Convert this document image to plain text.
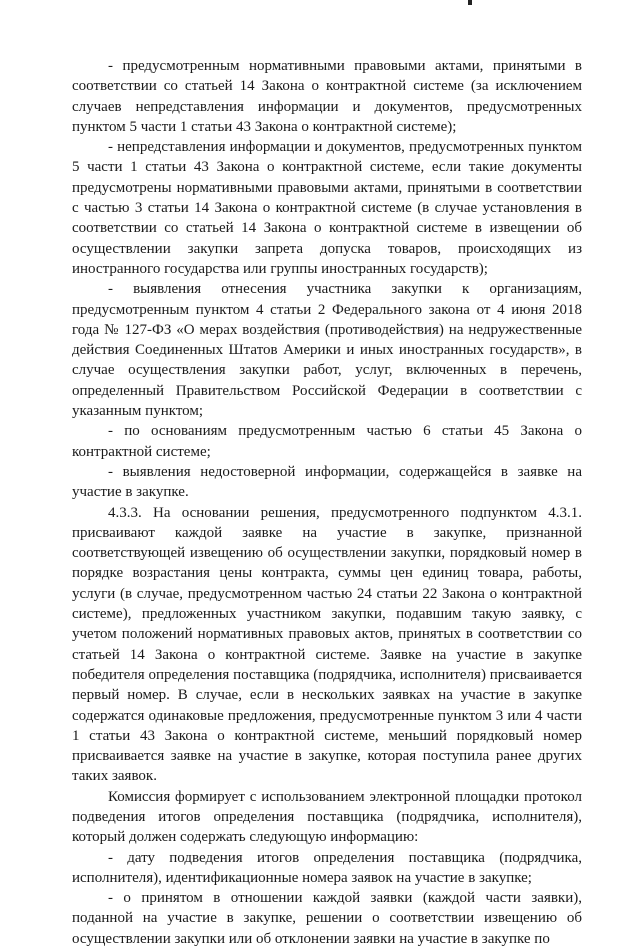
- предусмотренным нормативными правовыми актами, принятыми в соответствии со статьей 14 Закона о контрактной системе (за исключением случаев непредставления информации и документов, предусмотренных пунктом 5 части 1 статьи 43 Закона о контрактной системе);

- непредставления информации и документов, предусмотренных пунктом 5 части 1 статьи 43 Закона о контрактной системе, если такие документы предусмотрены нормативными правовыми актами, принятыми в соответствии с частью 3 статьи 14 Закона о контрактной системе (в случае установления в соответствии со статьей 14 Закона о контрактной системе в извещении об осуществлении закупки запрета допуска товаров, происходящих из иностранного государства или группы иностранных государств);

- выявления отнесения участника закупки к организациям, предусмотренным пунктом 4 статьи 2 Федерального закона от 4 июня 2018 года № 127-ФЗ «О мерах воздействия (противодействия) на недружественные действия Соединенных Штатов Америки и иных иностранных государств», в случае осуществления закупки работ, услуг, включенных в перечень, определенный Правительством Российской Федерации в соответствии с указанным пунктом;

- по основаниям предусмотренным частью 6 статьи 45 Закона о контрактной системе;

- выявления недостоверной информации, содержащейся в заявке на участие в закупке.

4.3.3. На основании решения, предусмотренного подпунктом 4.3.1. присваивают каждой заявке на участие в закупке, признанной соответствующей извещению об осуществлении закупки, порядковый номер в порядке возрастания цены контракта, суммы цен единиц товара, работы, услуги (в случае, предусмотренном частью 24 статьи 22 Закона о контрактной системе), предложенных участником закупки, подавшим такую заявку, с учетом положений нормативных правовых актов, принятых в соответствии со статьей 14 Закона о контрактной системе. Заявке на участие в закупке победителя определения поставщика (подрядчика, исполнителя) присваивается первый номер. В случае, если в нескольких заявках на участие в закупке содержатся одинаковые предложения, предусмотренные пунктом 3 или 4 части 1 статьи 43 Закона о контрактной системе, меньший порядковый номер присваивается заявке на участие в закупке, которая поступила ранее других таких заявок.

Комиссия формирует с использованием электронной площадки протокол подведения итогов определения поставщика (подрядчика, исполнителя), который должен содержать следующую информацию:

- дату подведения итогов определения поставщика (подрядчика, исполнителя), идентификационные номера заявок на участие в закупке;

- о принятом в отношении каждой заявки (каждой части заявки), поданной на участие в закупке, решении о соответствии извещению об осуществлении закупки или об отклонении заявки на участие в закупке по
